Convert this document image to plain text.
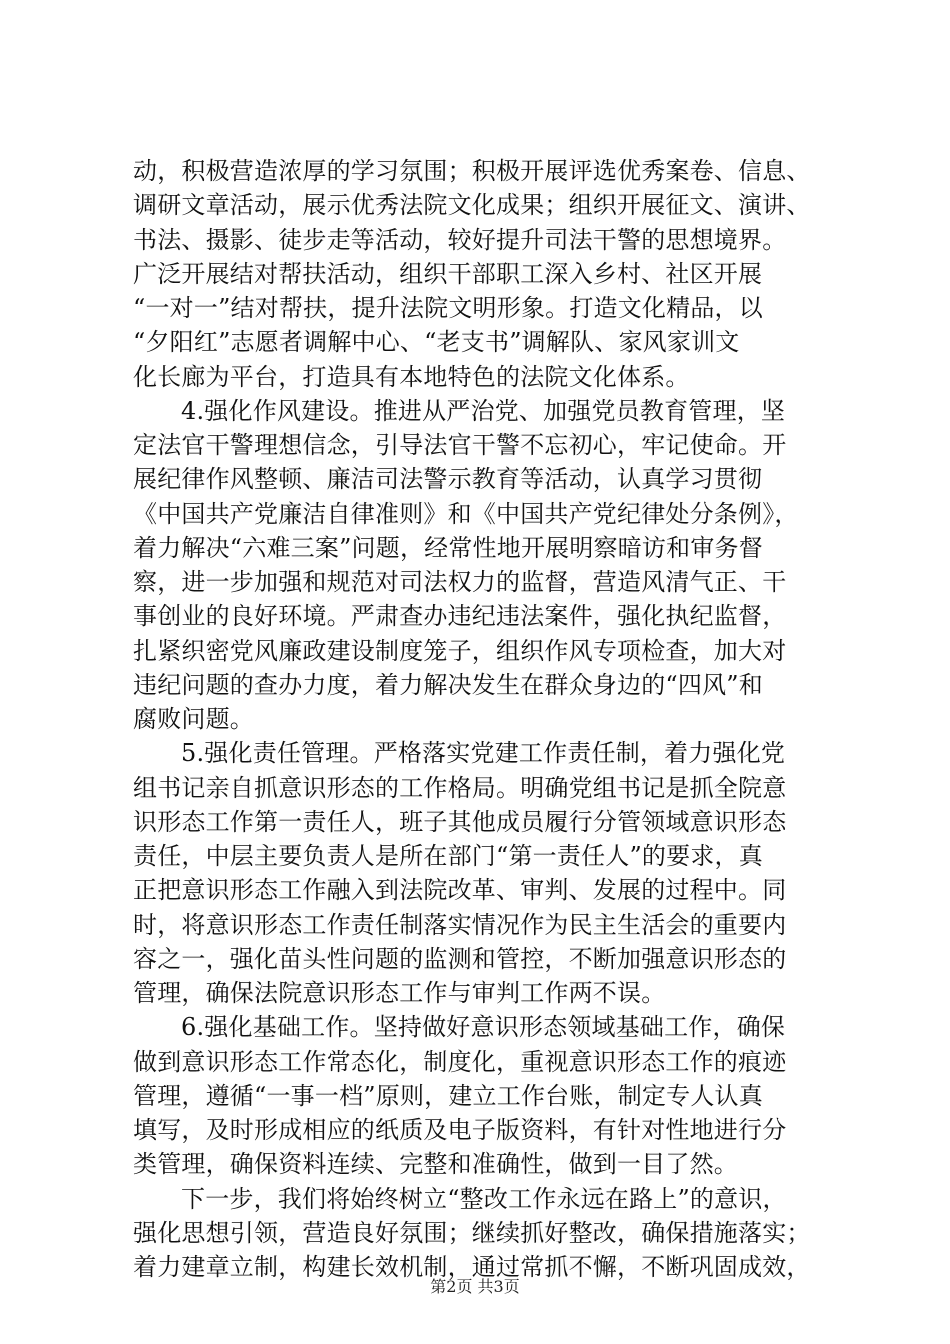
动，积极营造浓厚的学习氛围；积极开展评选优秀案卷、信息、
调研文章活动，展示优秀法院文化成果；组织开展征文、演讲、
书法、摄影、徒步走等活动，较好提升司法干警的思想境界。
广泛开展结对帮扶活动，组织干部职工深入乡村、社区开展
“一对一”结对帮扶，提升法院文明形象。打造文化精品，以
“夕阳红”志愿者调解中心、“老支书”调解队、家风家训文
化长廊为平台，打造具有本地特色的法院文化体系。
4.强化作风建设。推进从严治党、加强党员教育管理，坚
定法官干警理想信念，引导法官干警不忘初心，牢记使命。开
展纪律作风整顿、廉洁司法警示教育等活动，认真学习贯彻
《中国共产党廉洁自律准则》和《中国共产党纪律处分条例》，
着力解决“六难三案”问题，经常性地开展明察暗访和审务督
察，进一步加强和规范对司法权力的监督，营造风清气正、干
事创业的良好环境。严肃查办违纪违法案件，强化执纪监督，
扎紧织密党风廉政建设制度笼子，组织作风专项检查，加大对
违纪问题的查办力度，着力解决发生在群众身边的“四风”和
腐败问题。
5.强化责任管理。严格落实党建工作责任制，着力强化党
组书记亲自抓意识形态的工作格局。明确党组书记是抓全院意
识形态工作第一责任人，班子其他成员履行分管领域意识形态
责任，中层主要负责人是所在部门“第一责任人”的要求，真
正把意识形态工作融入到法院改革、审判、发展的过程中。同
时，将意识形态工作责任制落实情况作为民主生活会的重要内
容之一，强化苗头性问题的监测和管控，不断加强意识形态的
管理，确保法院意识形态工作与审判工作两不误。
6.强化基础工作。坚持做好意识形态领域基础工作，确保
做到意识形态工作常态化，制度化，重视意识形态工作的痕迹
管理，遵循“一事一档”原则，建立工作台账，制定专人认真
填写，及时形成相应的纸质及电子版资料，有针对性地进行分
类管理，确保资料连续、完整和准确性，做到一目了然。
下一步，我们将始终树立“整改工作永远在路上”的意识，
强化思想引领，营造良好氛围；继续抓好整改，确保措施落实；
着力建章立制，构建长效机制，通过常抓不懈，不断巩固成效，
第2页 共3页
